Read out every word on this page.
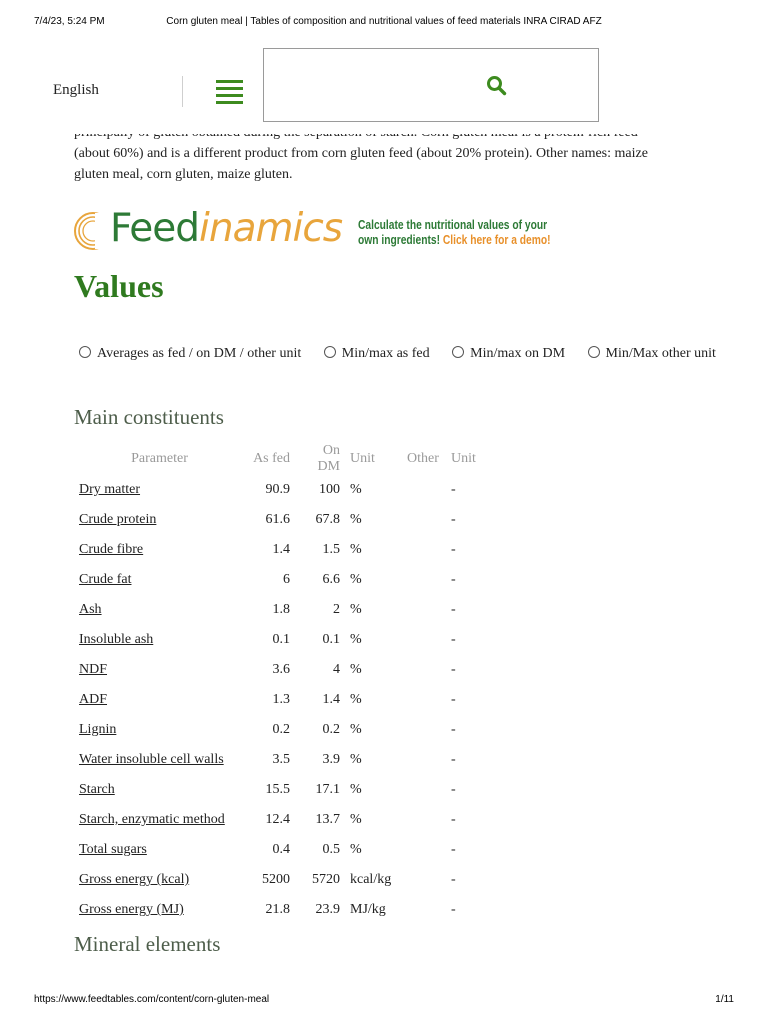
7/4/23, 5:24 PM	Corn gluten meal | Tables of composition and nutritional values of feed materials INRA CIRAD AFZ
(about 60%) and is a different product from corn gluten feed (about 20% protein). Other names: maize
gluten meal, corn gluten, maize gluten.
English
Feedinamics Calculate the nutritional values of your
own ingredients! Click here for a demo!
Values
Averages as fed / on DM / other unit	Min/max as fed	Min/max on DM	Min/Max other unit
Main constituents
Parameter	As fed	On DM	Unit	Other	Unit
Dry matter	90.9	100	%		-
Crude protein	61.6	67.8	%		-
Crude fibre	1.4	1.5	%		-
Crude fat	6	6.6	%		-
Ash	1.8	2	%		-
Insoluble ash	0.1	0.1	%		-
NDF	3.6	4	%		-
ADF	1.3	1.4	%		-
Lignin	0.2	0.2	%		-
Water insoluble cell walls	3.5	3.9	%		-
Starch	15.5	17.1	%		-
Starch, enzymatic method	12.4	13.7	%		-
Total sugars	0.4	0.5	%		-
Gross energy (kcal)	5200	5720	kcal/kg		-
Gross energy (MJ)	21.8	23.9	MJ/kg		-
Mineral elements
https://www.feedtables.com/content/corn-gluten-meal	1/11
